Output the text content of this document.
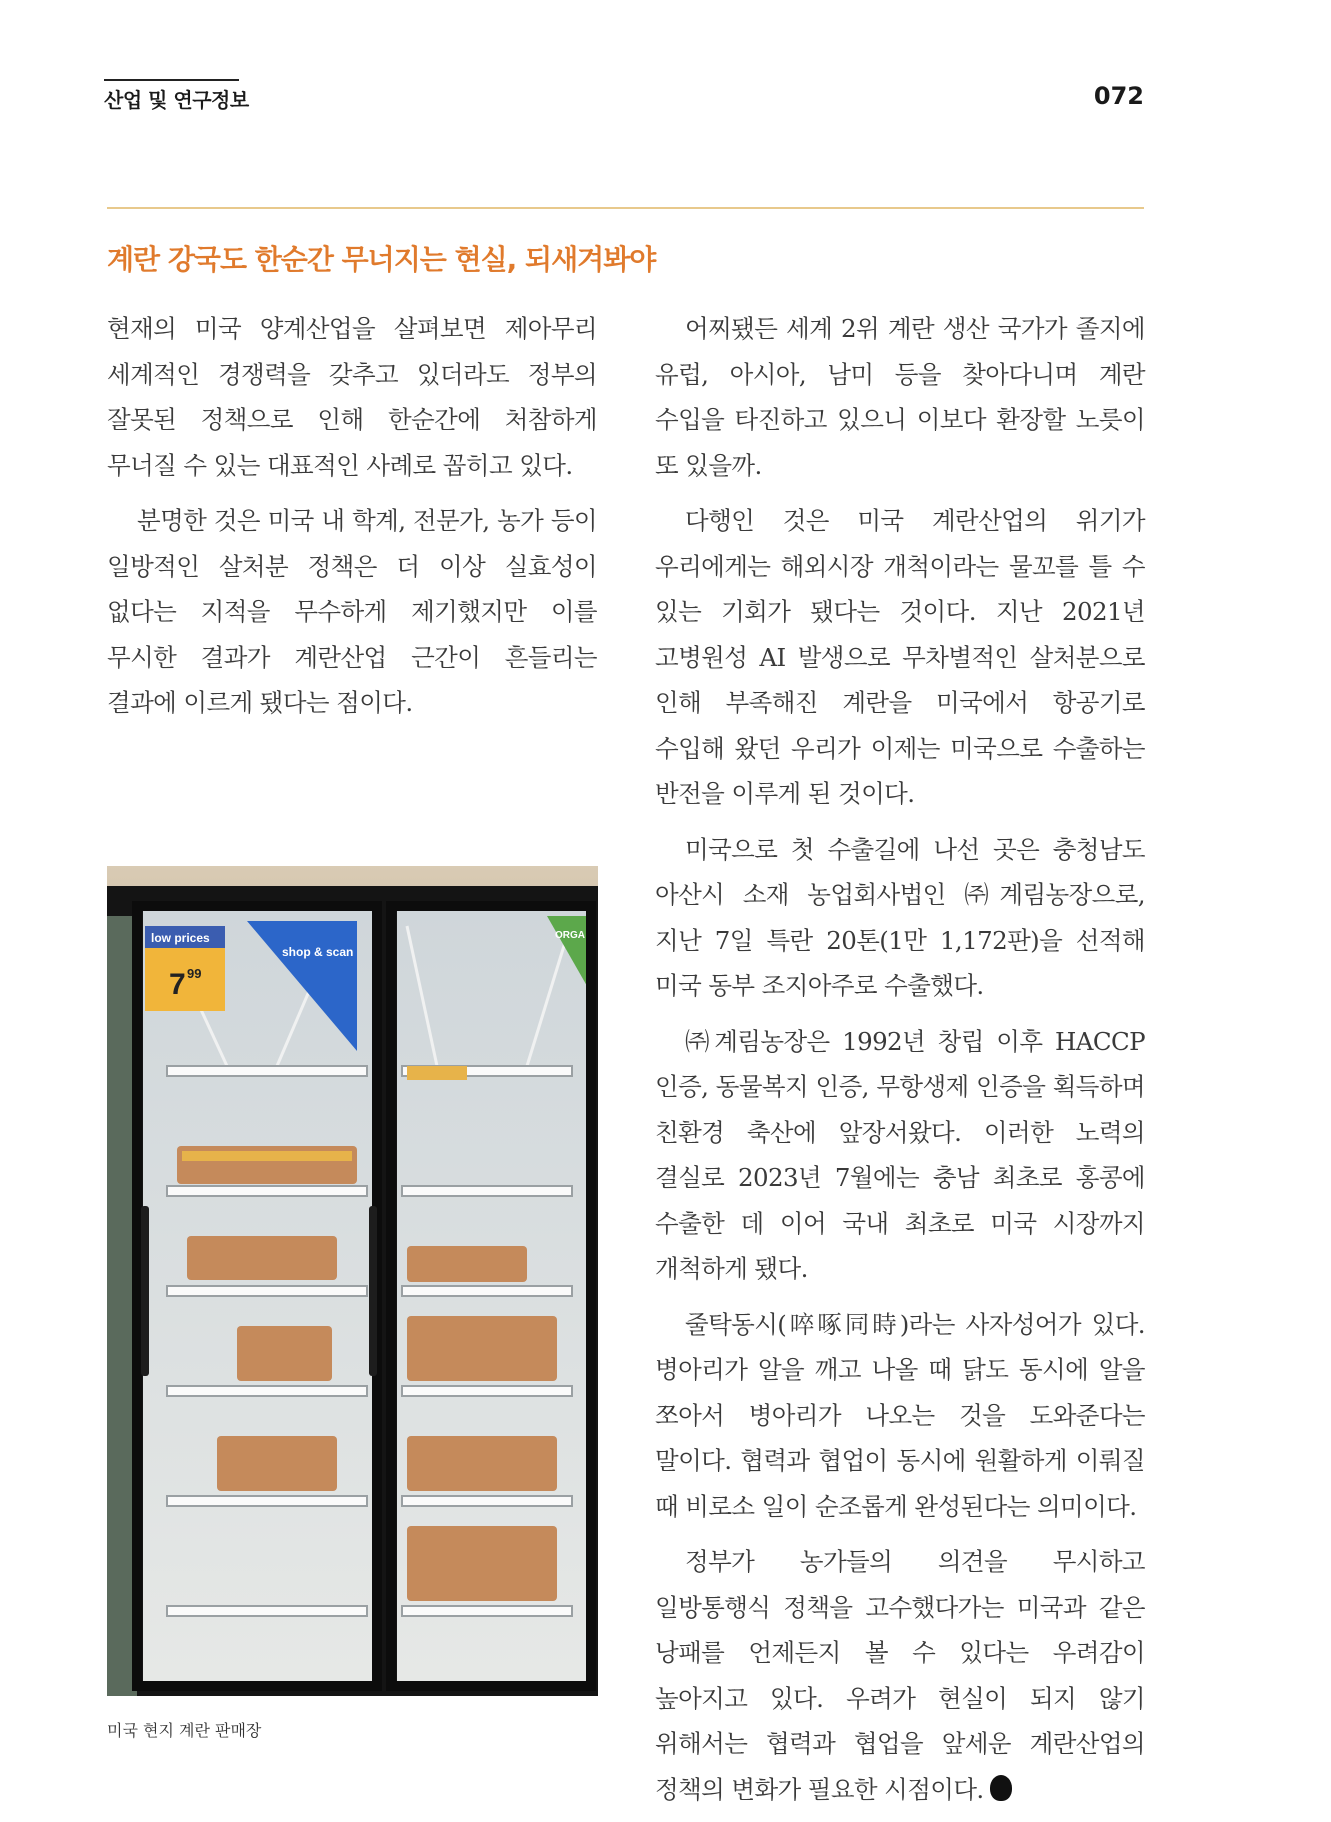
산업 및 연구정보	072
계란 강국도 한순간 무너지는 현실, 되새겨봐야

현재의 미국 양계산업을 살펴보면 제아무리 세계적인 경쟁력을 갖추고 있더라도 정부의 잘못된 정책으로 인해 한순간에 처참하게 무너질 수 있는 대표적인 사례로 꼽히고 있다.

분명한 것은 미국 내 학계, 전문가, 농가 등이 일방적인 살처분 정책은 더 이상 실효성이 없다는 지적을 무수하게 제기했지만 이를 무시한 결과가 계란산업 근간이 흔들리는 결과에 이르게 됐다는 점이다.

어찌됐든 세계 2위 계란 생산 국가가 졸지에 유럽, 아시아, 남미 등을 찾아다니며 계란 수입을 타진하고 있으니 이보다 환장할 노릇이 또 있을까.

다행인 것은 미국 계란산업의 위기가 우리에게는 해외시장 개척이라는 물꼬를 틀 수 있는 기회가 됐다는 것이다. 지난 2021년 고병원성 AI 발생으로 무차별적인 살처분으로 인해 부족해진 계란을 미국에서 항공기로 수입해 왔던 우리가 이제는 미국으로 수출하는 반전을 이루게 된 것이다.

미국으로 첫 수출길에 나선 곳은 충청남도 아산시 소재 농업회사법인 ㈜계림농장으로, 지난 7일 특란 20톤(1만 1,172판)을 선적해 미국 동부 조지아주로 수출했다.

㈜계림농장은 1992년 창립 이후 HACCP 인증, 동물복지 인증, 무항생제 인증을 획득하며 친환경 축산에 앞장서왔다. 이러한 노력의 결실로 2023년 7월에는 충남 최초로 홍콩에 수출한 데 이어 국내 최초로 미국 시장까지 개척하게 됐다.

줄탁동시(啐啄同時)라는 사자성어가 있다. 병아리가 알을 깨고 나올 때 닭도 동시에 알을 쪼아서 병아리가 나오는 것을 도와준다는 말이다. 협력과 협업이 동시에 원활하게 이뤄질 때 비로소 일이 순조롭게 완성된다는 의미이다.

정부가 농가들의 의견을 무시하고 일방통행식 정책을 고수했다가는 미국과 같은 낭패를 언제든지 볼 수 있다는 우려감이 높아지고 있다. 우려가 현실이 되지 않기 위해서는 협력과 협업을 앞세운 계란산업의 정책의 변화가 필요한 시점이다.

low prices
7 99
shop & scan
ORGA
미국 현지 계란 판매장
